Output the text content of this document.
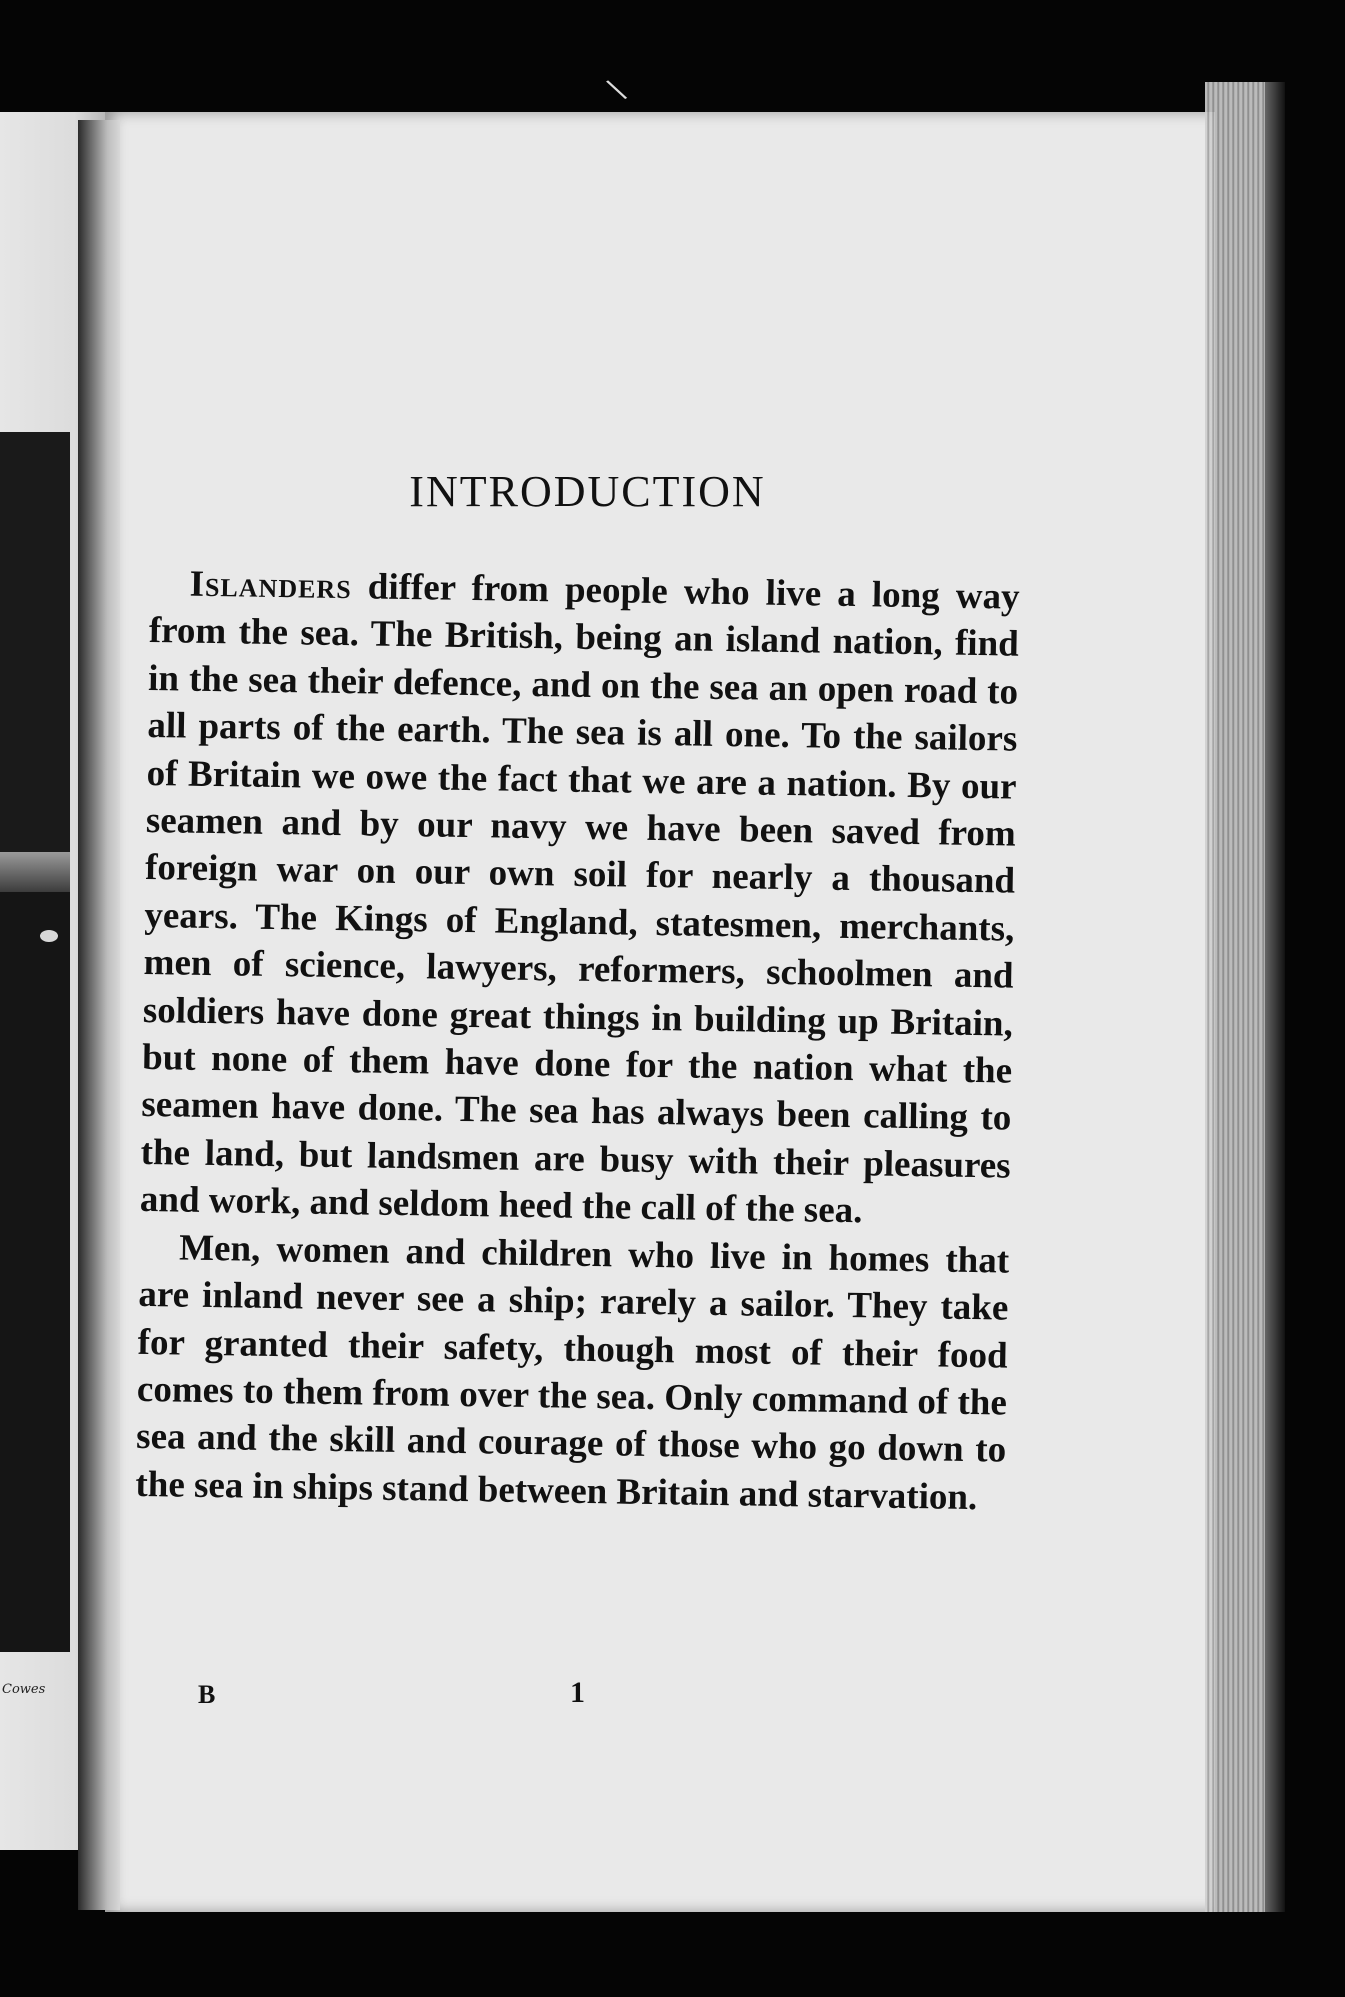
\
Cowes
INTRODUCTION

Islanders differ from people who live a long way from the sea. The British, being an island nation, find in the sea their defence, and on the sea an open road to all parts of the earth. The sea is all one. To the sailors of Britain we owe the fact that we are a nation. By our seamen and by our navy we have been saved from foreign war on our own soil for nearly a thousand years. The Kings of England, statesmen, merchants, men of science, lawyers, reformers, schoolmen and soldiers have done great things in building up Britain, but none of them have done for the nation what the seamen have done. The sea has always been calling to the land, but landsmen are busy with their pleasures and work, and seldom heed the call of the sea.

Men, women and children who live in homes that are inland never see a ship; rarely a sailor. They take for granted their safety, though most of their food comes to them from over the sea. Only command of the sea and the skill and courage of those who go down to the sea in ships stand between Britain and starvation.

B	1
